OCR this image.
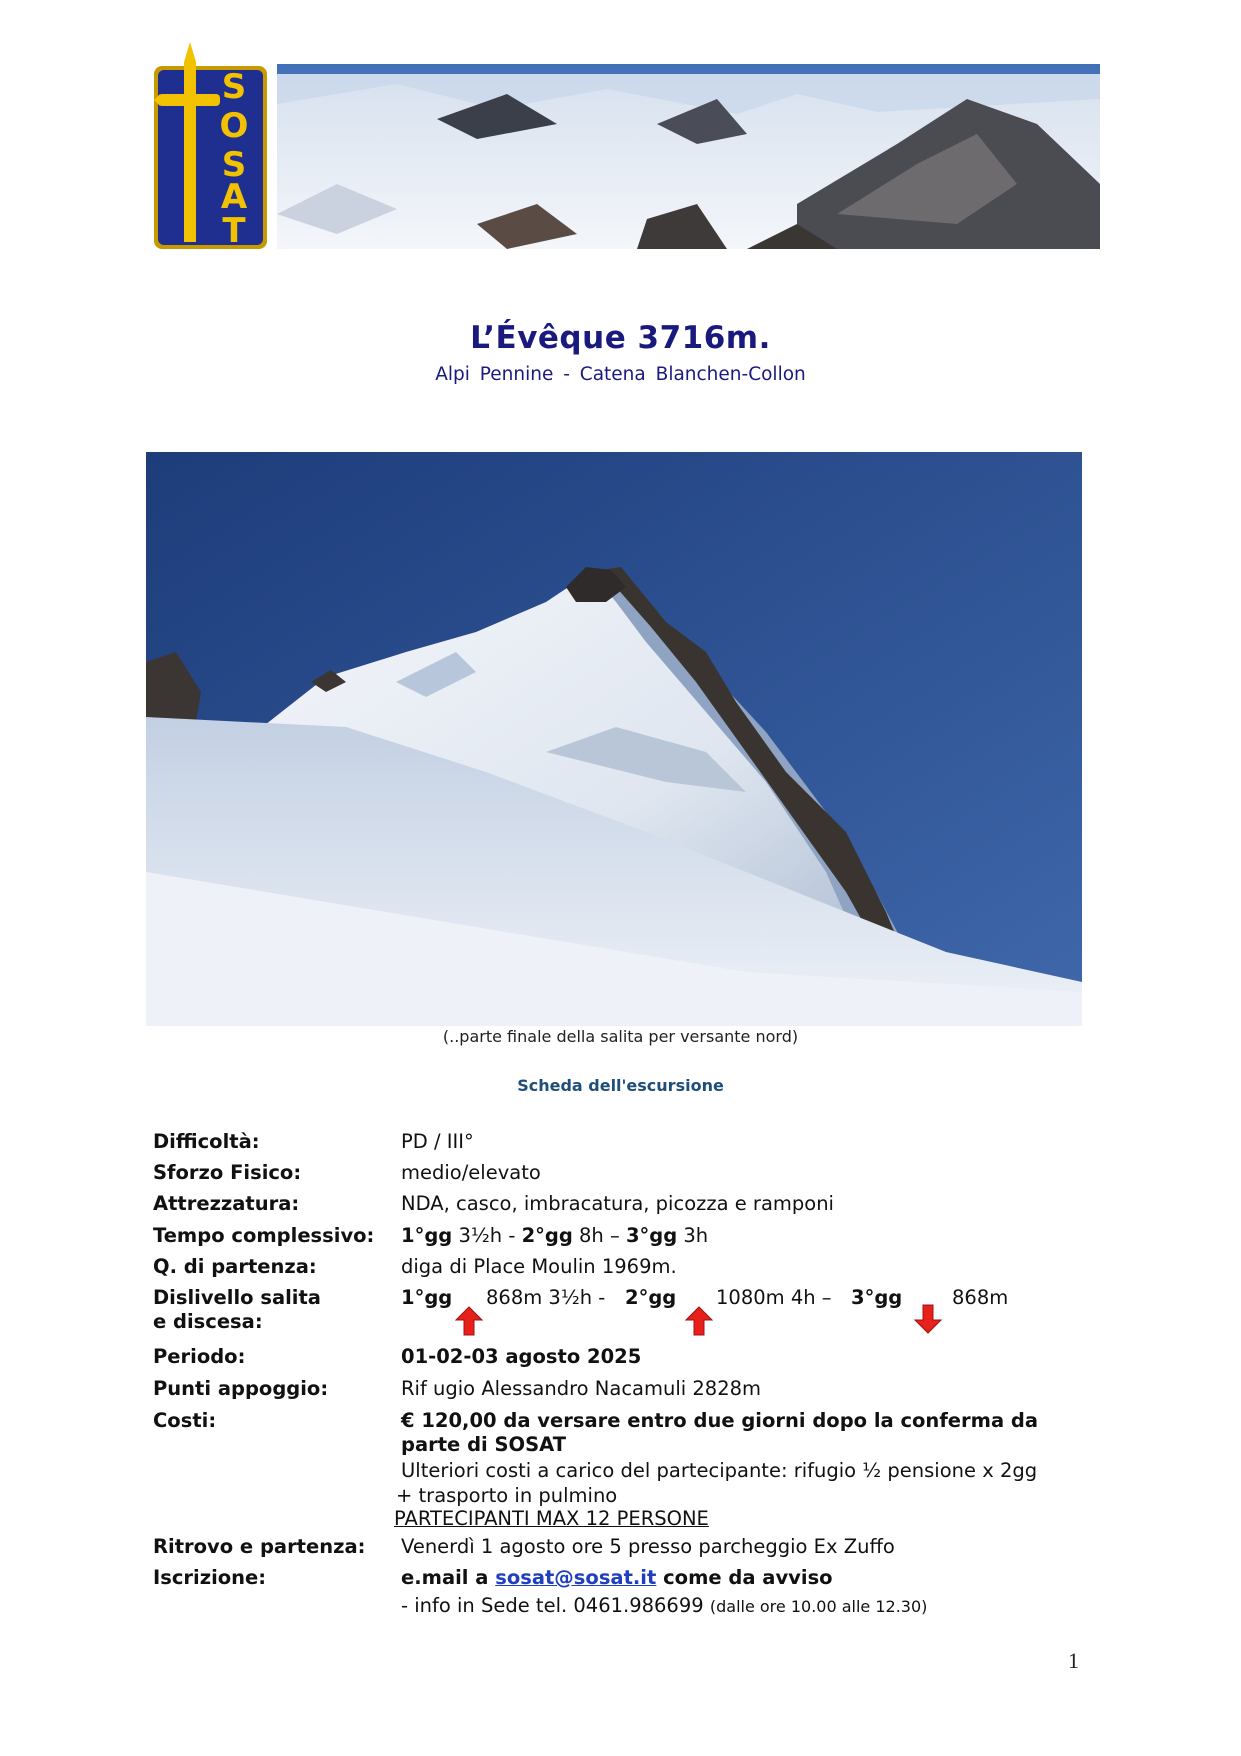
S
O
S
A
T
L’Évêque 3716m.
Alpi Pennine - Catena Blanchen-Collon
(..parte finale della salita per versante nord)
Scheda dell'escursione
Difficoltà:	PD / III°
Sforzo Fisico:	medio/elevato
Attrezzatura:	NDA, casco, imbracatura, picozza e ramponi
Tempo complessivo: 1°gg 3½h - 2°gg 8h – 3°gg 3h
Q. di partenza:	diga di Place Moulin 1969m.
Dislivello salita
e discesa:
1°gg 868m 3½h - 2°gg 1080m 4h – 3°gg	868m
Periodo:	01-02-03 agosto 2025
Punti appoggio:	Rif ugio Alessandro Nacamuli 2828m
Costi:	€ 120,00 da versare entro due giorni dopo la conferma da
parte di SOSAT
Ulteriori costi a carico del partecipante: rifugio ½ pensione x 2gg
+ trasporto in pulmino
PARTECIPANTI MAX 12 PERSONE
Ritrovo e partenza: Venerdì 1 agosto ore 5 presso parcheggio Ex Zuffo
Iscrizione:	e.mail a sosat@sosat.it come da avviso
- info in Sede tel. 0461.986699 (dalle ore 10.00 alle 12.30)
1
